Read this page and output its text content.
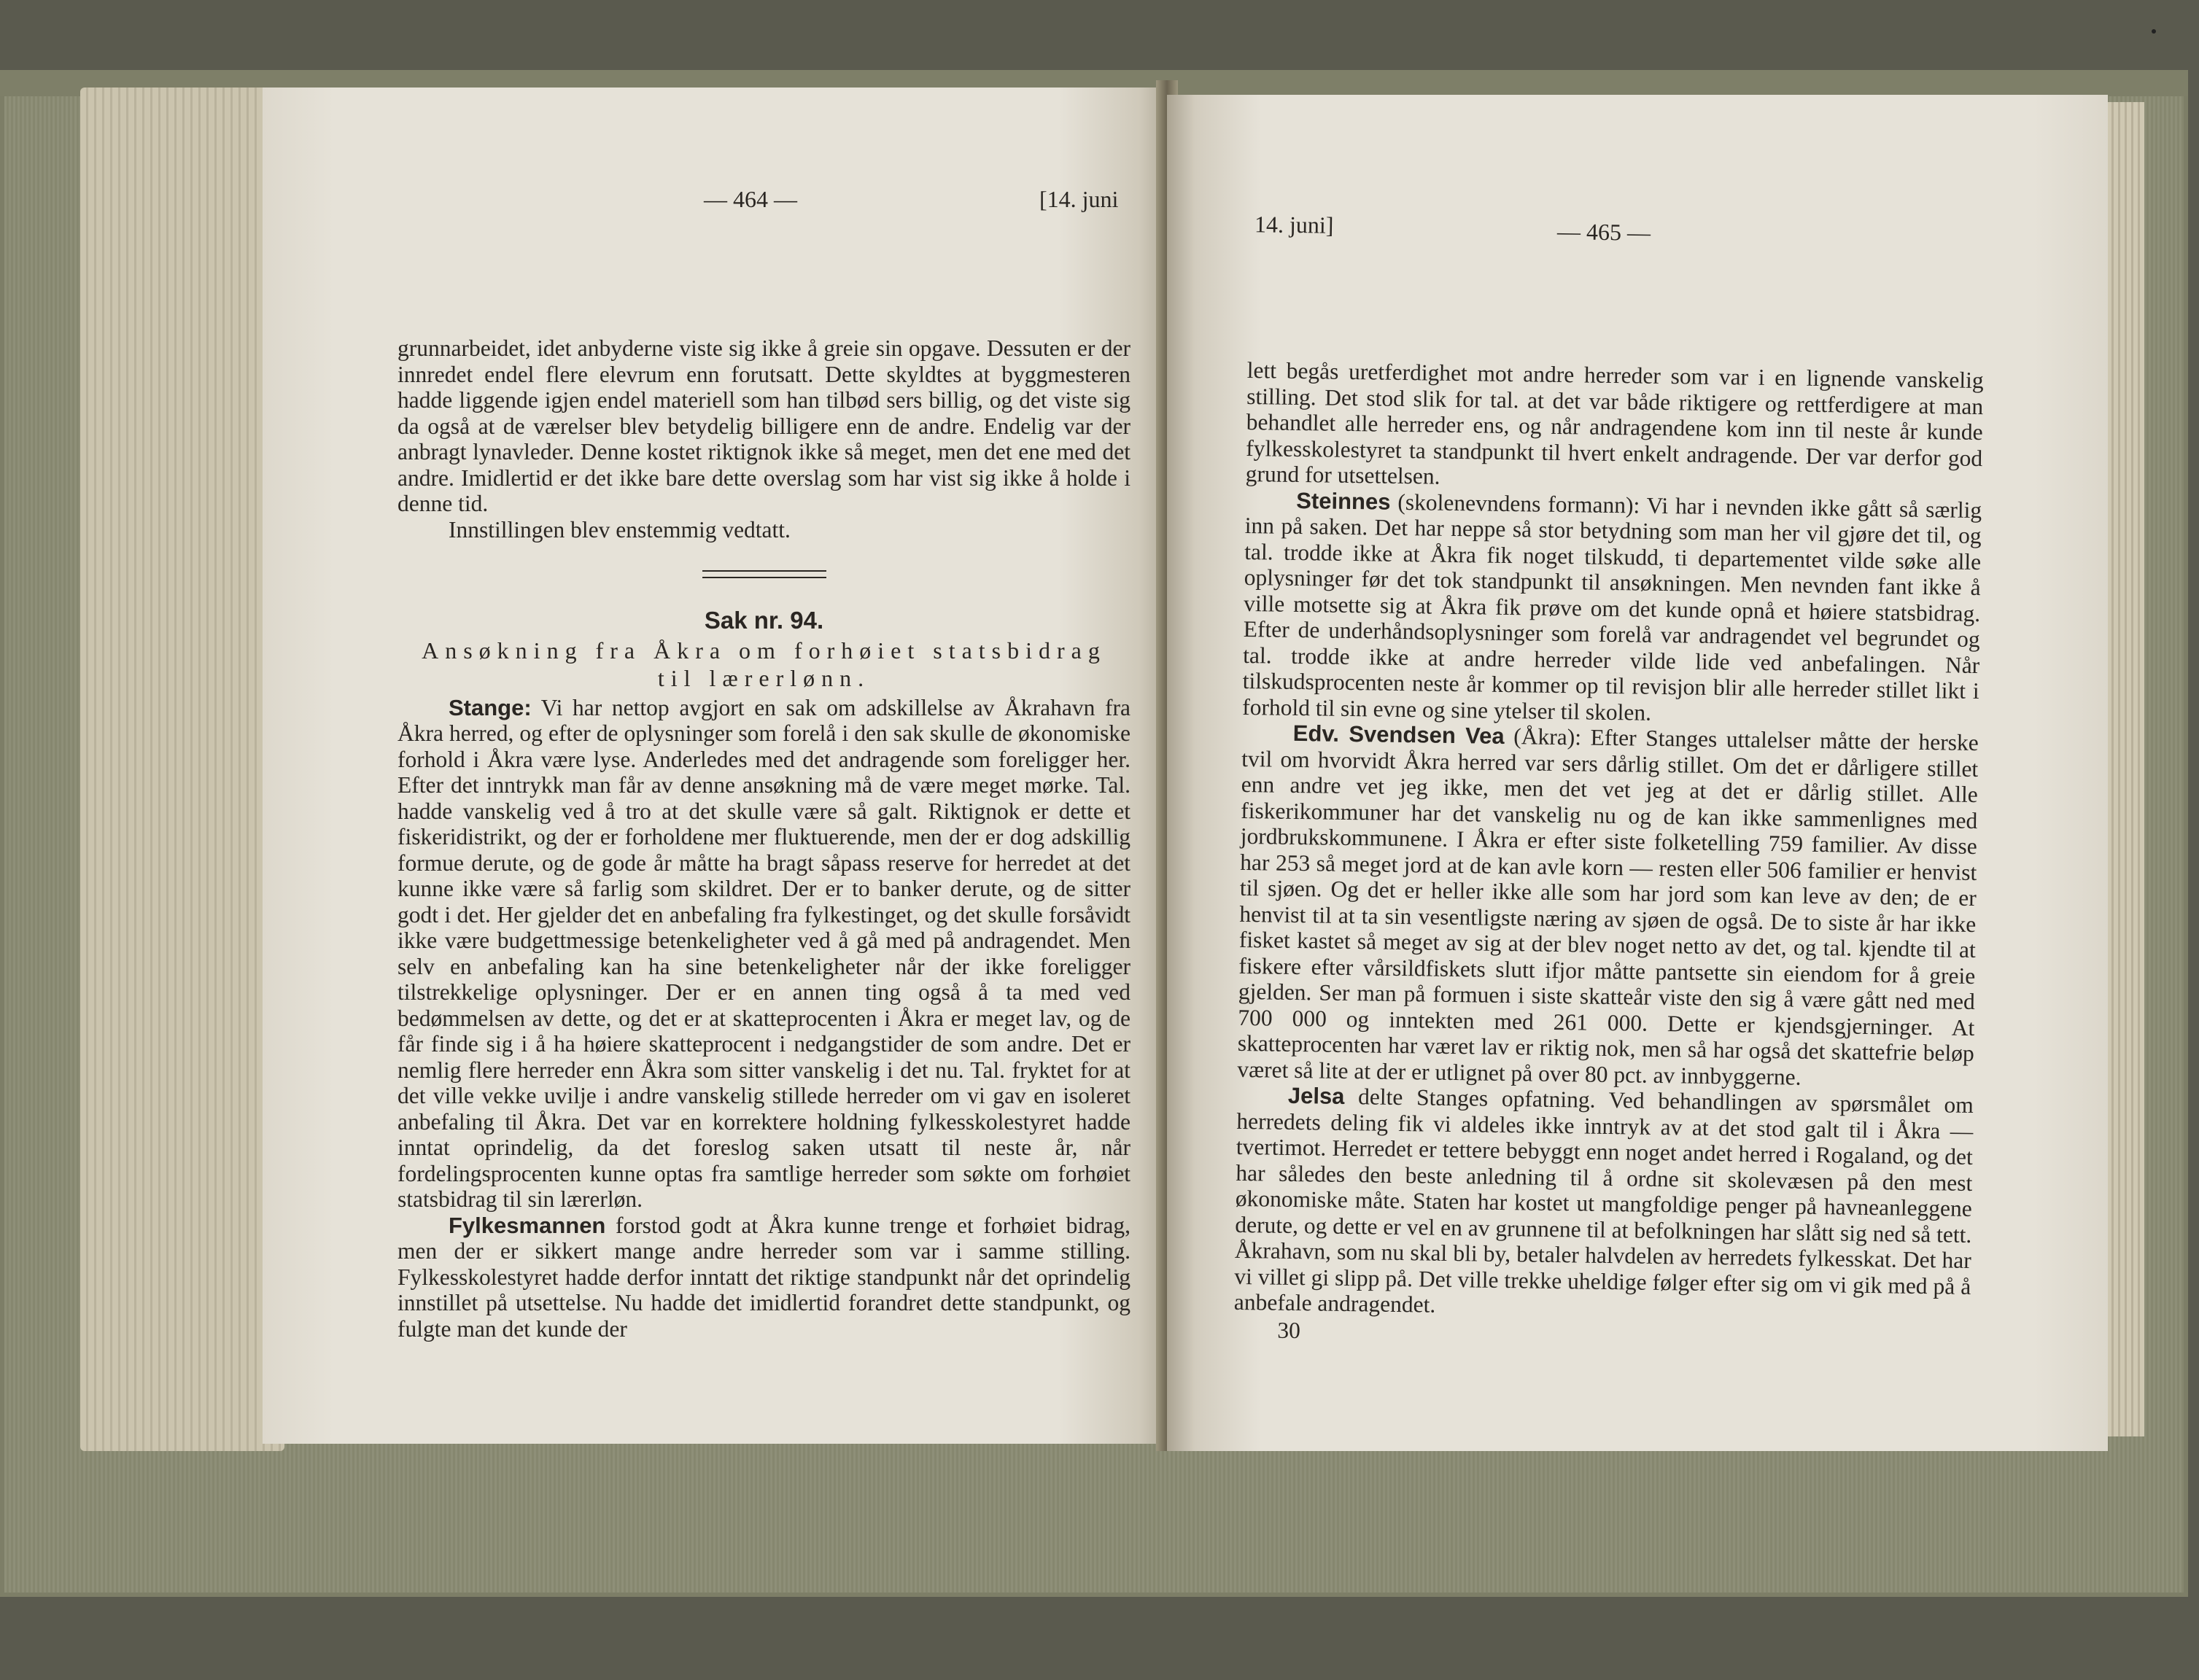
— 464 —	[14. juni

grunnarbeidet, idet anbyderne viste sig ikke å greie sin opgave. Dessuten er der innredet endel flere elevrum enn forutsatt. Dette skyldtes at byggmesteren hadde liggende igjen endel materiell som han tilbød sers billig, og det viste sig da også at de værelser blev betydelig billigere enn de andre. Endelig var der anbragt lynavleder. Denne kostet riktignok ikke så meget, men det ene med det andre. Imidlertid er det ikke bare dette overslag som har vist sig ikke å holde i denne tid.

Innstillingen blev enstemmig vedtatt.

Sak nr. 94.
Ansøkning fra Åkra om forhøiet statsbidrag
til lærerlønn.

Stange: Vi har nettop avgjort en sak om adskillelse av Åkrahavn fra Åkra herred, og efter de oplysninger som forelå i den sak skulle de økonomiske forhold i Åkra være lyse. Anderledes med det andragende som foreligger her. Efter det inntrykk man får av denne ansøkning må de være meget mørke. Tal. hadde vanskelig ved å tro at det skulle være så galt. Riktignok er dette et fiskeridistrikt, og der er forholdene mer fluktuerende, men der er dog adskillig formue derute, og de gode år måtte ha bragt såpass reserve for herredet at det kunne ikke være så farlig som skildret. Der er to banker derute, og de sitter godt i det. Her gjelder det en anbefaling fra fylkestinget, og det skulle forsåvidt ikke være budgettmessige betenkeligheter ved å gå med på andragendet. Men selv en anbefaling kan ha sine betenkeligheter når der ikke foreligger tilstrekkelige oplysninger. Der er en annen ting også å ta med ved bedømmelsen av dette, og det er at skatteprocenten i Åkra er meget lav, og de får finde sig i å ha høiere skatteprocent i nedgangstider de som andre. Det er nemlig flere herreder enn Åkra som sitter vanskelig i det nu. Tal. fryktet for at det ville vekke uvilje i andre vanskelig stillede herreder om vi gav en isoleret anbefaling til Åkra. Det var en korrektere holdning fylkesskolestyret hadde inntat oprindelig, da det foreslog saken utsatt til neste år, når fordelingsprocenten kunne optas fra samtlige herreder som søkte om forhøiet statsbidrag til sin lærerløn.

Fylkesmannen forstod godt at Åkra kunne trenge et forhøiet bidrag, men der er sikkert mange andre herreder som var i samme stilling. Fylkesskolestyret hadde derfor inntatt det riktige standpunkt når det oprindelig innstillet på utsettelse. Nu hadde det imidlertid forandret dette standpunkt, og fulgte man det kunde der

14. juni]	— 465 —

lett begås uretferdighet mot andre herreder som var i en lignende vanskelig stilling. Det stod slik for tal. at det var både riktigere og rettferdigere at man behandlet alle herreder ens, og når andragendene kom inn til neste år kunde fylkesskolestyret ta standpunkt til hvert enkelt andragende. Der var derfor god grund for utsettelsen.

Steinnes (skolenevndens formann): Vi har i nevnden ikke gått så særlig inn på saken. Det har neppe så stor betydning som man her vil gjøre det til, og tal. trodde ikke at Åkra fik noget tilskudd, ti departementet vilde søke alle oplysninger før det tok standpunkt til ansøkningen. Men nevnden fant ikke å ville motsette sig at Åkra fik prøve om det kunde opnå et høiere statsbidrag. Efter de underhåndsoplysninger som forelå var andragendet vel begrundet og tal. trodde ikke at andre herreder vilde lide ved anbefalingen. Når tilskudsprocenten neste år kommer op til revisjon blir alle herreder stillet likt i forhold til sin evne og sine ytelser til skolen.

Edv. Svendsen Vea (Åkra): Efter Stanges uttalelser måtte der herske tvil om hvorvidt Åkra herred var sers dårlig stillet. Om det er dårligere stillet enn andre vet jeg ikke, men det vet jeg at det er dårlig stillet. Alle fiskerikommuner har det vanskelig nu og de kan ikke sammenlignes med jordbrukskommunene. I Åkra er efter siste folketelling 759 familier. Av disse har 253 så meget jord at de kan avle korn — resten eller 506 familier er henvist til sjøen. Og det er heller ikke alle som har jord som kan leve av den; de er henvist til at ta sin vesentligste næring av sjøen de også. De to siste år har ikke fisket kastet så meget av sig at der blev noget netto av det, og tal. kjendte til at fiskere efter vårsildfiskets slutt ifjor måtte pantsette sin eiendom for å greie gjelden. Ser man på formuen i siste skatteår viste den sig å være gått ned med 700 000 og inntekten med 261 000. Dette er kjendsgjerninger. At skatteprocenten har været lav er riktig nok, men så har også det skattefrie beløp været så lite at der er utlignet på over 80 pct. av innbyggerne.

Jelsa delte Stanges opfatning. Ved behandlingen av spørsmålet om herredets deling fik vi aldeles ikke inntryk av at det stod galt til i Åkra — tvertimot. Herredet er tettere bebyggt enn noget andet herred i Rogaland, og det har således den beste anledning til å ordne sit skolevæsen på den mest økonomiske måte. Staten har kostet ut mangfoldige penger på havneanleggene derute, og dette er vel en av grunnene til at befolkningen har slått sig ned så tett. Åkrahavn, som nu skal bli by, betaler halvdelen av herredets fylkesskat. Det har vi villet gi slipp på. Det ville trekke uheldige følger efter sig om vi gik med på å anbefale andragendet.

30
